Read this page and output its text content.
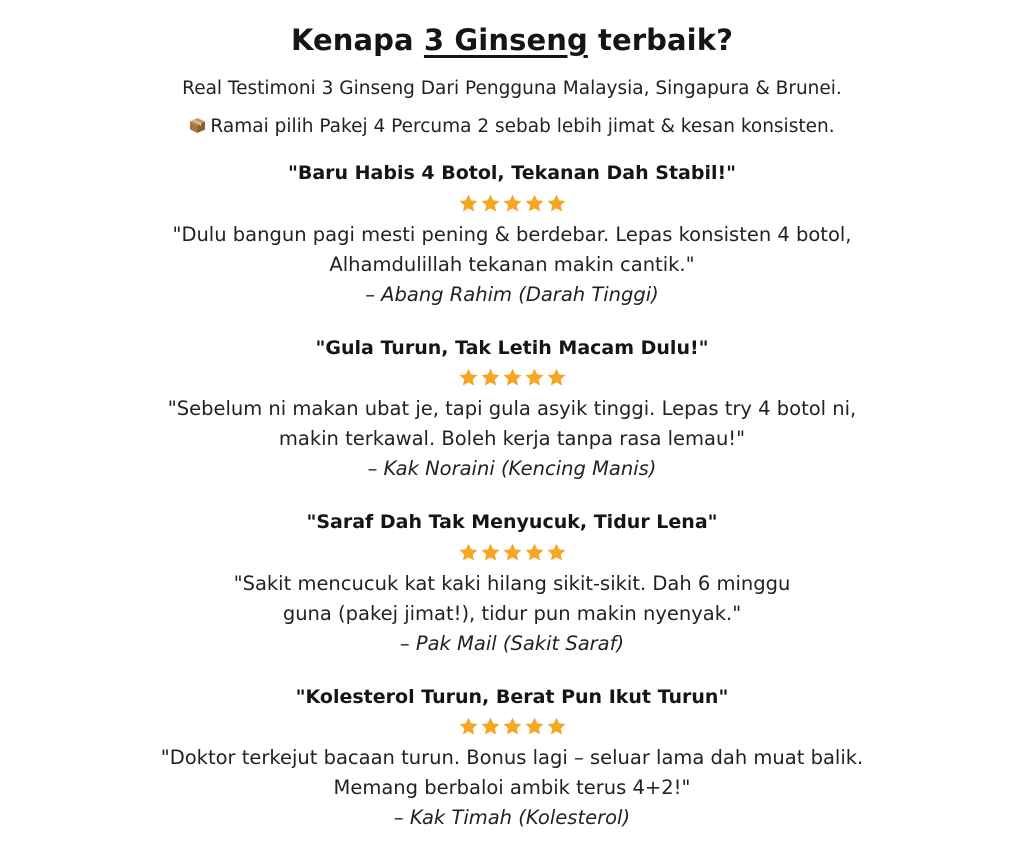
Kenapa 3 Ginseng terbaik?

Real Testimoni 3 Ginseng Dari Pengguna Malaysia, Singapura & Brunei.

Ramai pilih Pakej 4 Percuma 2 sebab lebih jimat & kesan konsisten.

"Baru Habis 4 Botol, Tekanan Dah Stabil!"

"Dulu bangun pagi mesti pening & berdebar. Lepas konsisten 4 botol,
Alhamdulillah tekanan makin cantik."

– Abang Rahim (Darah Tinggi)

"Gula Turun, Tak Letih Macam Dulu!"

"Sebelum ni makan ubat je, tapi gula asyik tinggi. Lepas try 4 botol ni,
makin terkawal. Boleh kerja tanpa rasa lemau!"

– Kak Noraini (Kencing Manis)

"Saraf Dah Tak Menyucuk, Tidur Lena"

"Sakit mencucuk kat kaki hilang sikit-sikit. Dah 6 minggu
guna (pakej jimat!), tidur pun makin nyenyak."

– Pak Mail (Sakit Saraf)

"Kolesterol Turun, Berat Pun Ikut Turun"

"Doktor terkejut bacaan turun. Bonus lagi – seluar lama dah muat balik.
Memang berbaloi ambik terus 4+2!"

– Kak Timah (Kolesterol)
